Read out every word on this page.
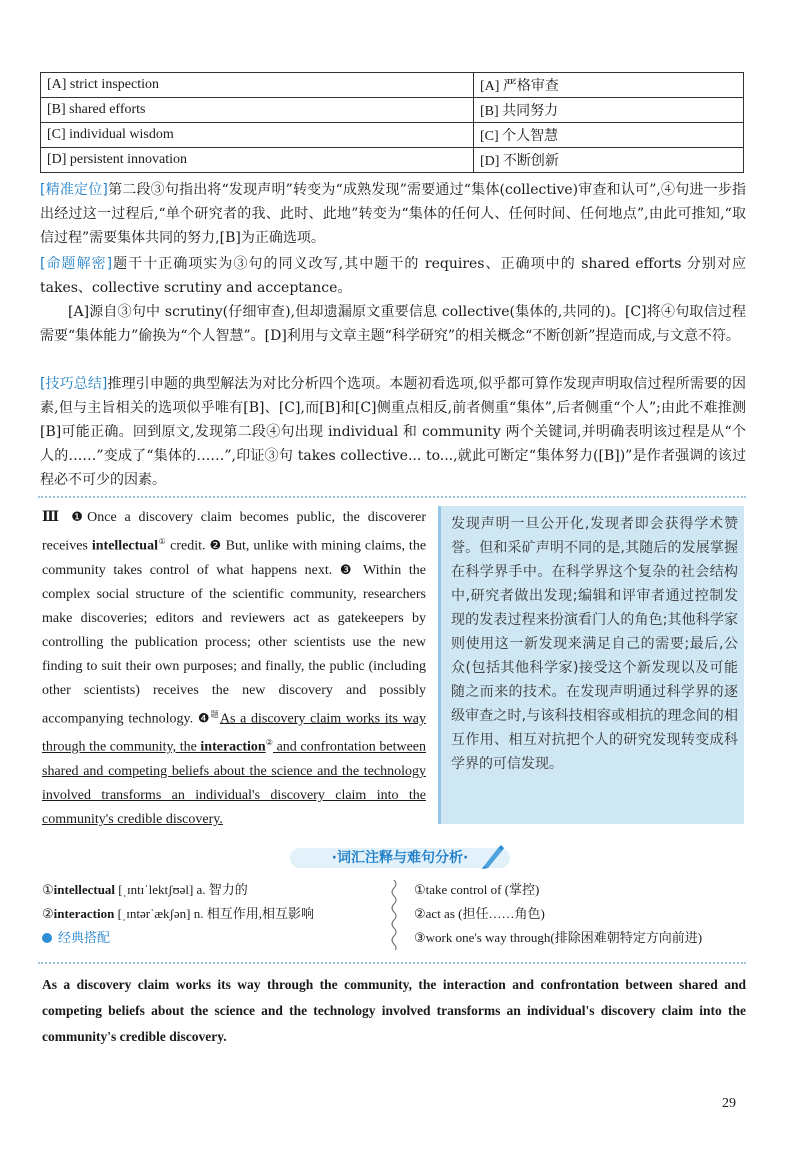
[A] strict inspection	[A] 严格审查
[B] shared efforts	[B] 共同努力
[C] individual wisdom	[C] 个人智慧
[D] persistent innovation	[D] 不断创新
[精准定位]第二段③句指出将“发现声明”转变为“成熟发现”需要通过“集体(collective)审查和认可”,④句进一步指出经过这一过程后,“单个研究者的我、此时、此地”转变为“集体的任何人、任何时间、任何地点”,由此可推知,“取信过程”需要集体共同的努力,[B]为正确选项。
[命题解密]题干十正确项实为③句的同义改写,其中题干的 requires、正确项中的 shared efforts 分别对应 takes、collective scrutiny and acceptance。
[A]源自③句中 scrutiny(仔细审查),但却遗漏原文重要信息 collective(集体的,共同的)。[C]将④句取信过程需要“集体能力”偷换为“个人智慧”。[D]利用与文章主题“科学研究”的相关概念“不断创新”捏造而成,与文意不符。
[技巧总结]推理引申题的典型解法为对比分析四个选项。本题初看选项,似乎都可算作发现声明取信过程所需要的因素,但与主旨相关的选项似乎唯有[B]、[C],而[B]和[C]侧重点相反,前者侧重“集体”,后者侧重“个人”;由此不难推测[B]可能正确。回到原文,发现第二段④句出现 individual 和 community 两个关键词,并明确表明该过程是从“个人的……”变成了“集体的……”,印证③句 takes collective... to...,就此可断定“集体努力([B])”是作者强调的该过程必不可少的因素。
Ⅲ ❶Once a discovery claim becomes public, the discoverer receives intellectual① credit. ❷ But, unlike with mining claims, the community takes control of what happens next. ❸ Within the complex social structure of the scientific community, researchers make discoveries; editors and reviewers act as gatekeepers by controlling the publication process; other scientists use the new finding to suit their own purposes; and finally, the public (including other scientists) receives the new discovery and possibly accompanying technology. ❹$^题$As a discovery claim works its way through the community, the interaction② and confrontation between shared and competing beliefs about the science and the technology involved transforms an individual's discovery claim into the community's credible discovery.
发现声明一旦公开化,发现者即会获得学术赞誉。但和采矿声明不同的是,其随后的发展掌握在科学界手中。在科学界这个复杂的社会结构中,研究者做出发现;编辑和评审者通过控制发现的发表过程来扮演看门人的角色;其他科学家则使用这一新发现来满足自己的需要;最后,公众(包括其他科学家)接受这个新发现以及可能随之而来的技术。在发现声明通过科学界的逐级审查之时,与该科技相容或相抗的理念间的相互作用、相互对抗把个人的研究发现转变成科学界的可信发现。
·词汇注释与难句分析·
①intellectual [ˌɪntɪˈlektʃʊəl] a. 智力的
②interaction [ˌɪntərˈækʃən] n. 相互作用,相互影响
经典搭配
①take control of (掌控)
②act as (担任……角色)
③work one's way through(排除困难朝特定方向前进)
As a discovery claim works its way through the community, the interaction and confrontation between shared and competing beliefs about the science and the technology involved transforms an individual's discovery claim into the community's credible discovery.
29
